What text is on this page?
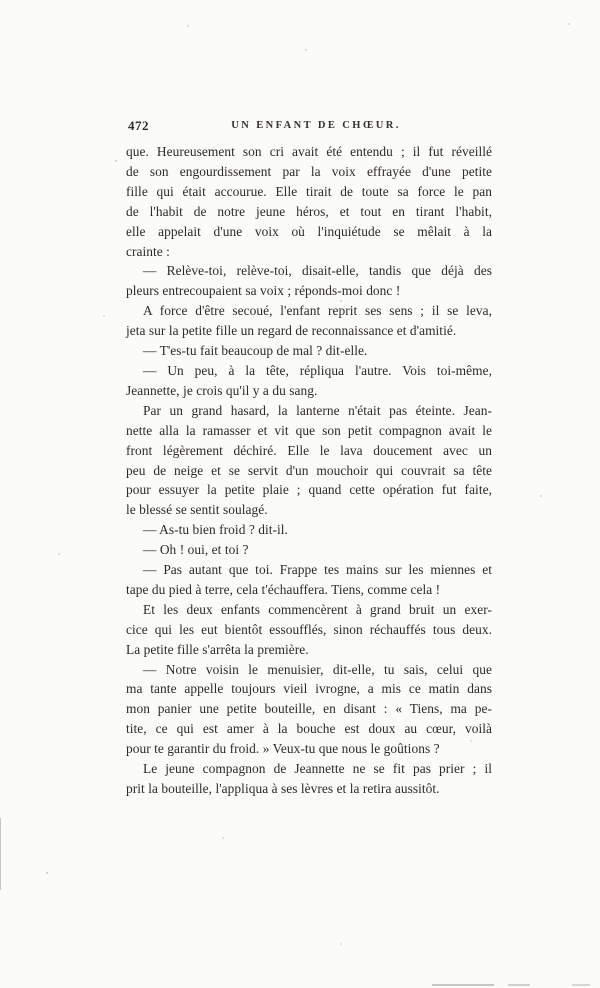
472	UN ENFANT DE CHŒUR.
que. Heureusement son cri avait été entendu ; il fut réveillé
de son engourdissement par la voix effrayée d'une petite
fille qui était accourue. Elle tirait de toute sa force le pan
de l'habit de notre jeune héros, et tout en tirant l'habit,
elle appelait d'une voix où l'inquiétude se mêlait à la
crainte :
— Relève-toi, relève-toi, disait-elle, tandis que déjà des
pleurs entrecoupaient sa voix ; réponds-moi donc !
A force d'être secoué, l'enfant reprit ses sens ; il se leva,
jeta sur la petite fille un regard de reconnaissance et d'amitié.
— T'es-tu fait beaucoup de mal ? dit-elle.
— Un peu, à la tête, répliqua l'autre. Vois toi-même,
Jeannette, je crois qu'il y a du sang.
Par un grand hasard, la lanterne n'était pas éteinte. Jean-
nette alla la ramasser et vit que son petit compagnon avait le
front légèrement déchiré. Elle le lava doucement avec un
peu de neige et se servit d'un mouchoir qui couvrait sa tête
pour essuyer la petite plaie ; quand cette opération fut faite,
le blessé se sentit soulagé.
— As-tu bien froid ? dit-il.
— Oh ! oui, et toi ?
— Pas autant que toi. Frappe tes mains sur les miennes et
tape du pied à terre, cela t'échauffera. Tiens, comme cela !
Et les deux enfants commencèrent à grand bruit un exer-
cice qui les eut bientôt essoufflés, sinon réchauffés tous deux.
La petite fille s'arrêta la première.
— Notre voisin le menuisier, dit-elle, tu sais, celui que
ma tante appelle toujours vieil ivrogne, a mis ce matin dans
mon panier une petite bouteille, en disant : « Tiens, ma pe-
tite, ce qui est amer à la bouche est doux au cœur, voilà
pour te garantir du froid. » Veux-tu que nous le goûtions ?
Le jeune compagnon de Jeannette ne se fit pas prier ; il
prit la bouteille, l'appliqua à ses lèvres et la retira aussitôt.
